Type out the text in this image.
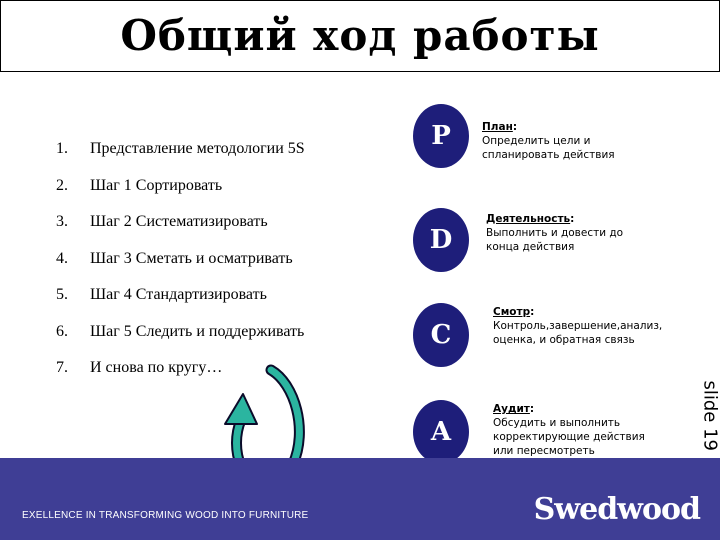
Общий ход работы
1. Представление методологии 5S
2. Шаг 1 Сортировать
3. Шаг 2 Систематизировать
4. Шаг 3 Сметать и осматривать
5. Шаг 4 Стандартизировать
6. Шаг 5 Следить и поддерживать
7. И снова по кругу…
P
D
C
A
План:
Определить цели и
спланировать действия
Деятельность:
Выполнить и довести до
конца действия
Смотр:
Контроль,завершение,анализ,
оценка, и обратная связь
Аудит:
Обсудить и выполнить
корректирующие действия
или пересмотреть	slide 19
EXELLENCE IN TRANSFORMING WOOD INTO FURNITURE	Swedwood
